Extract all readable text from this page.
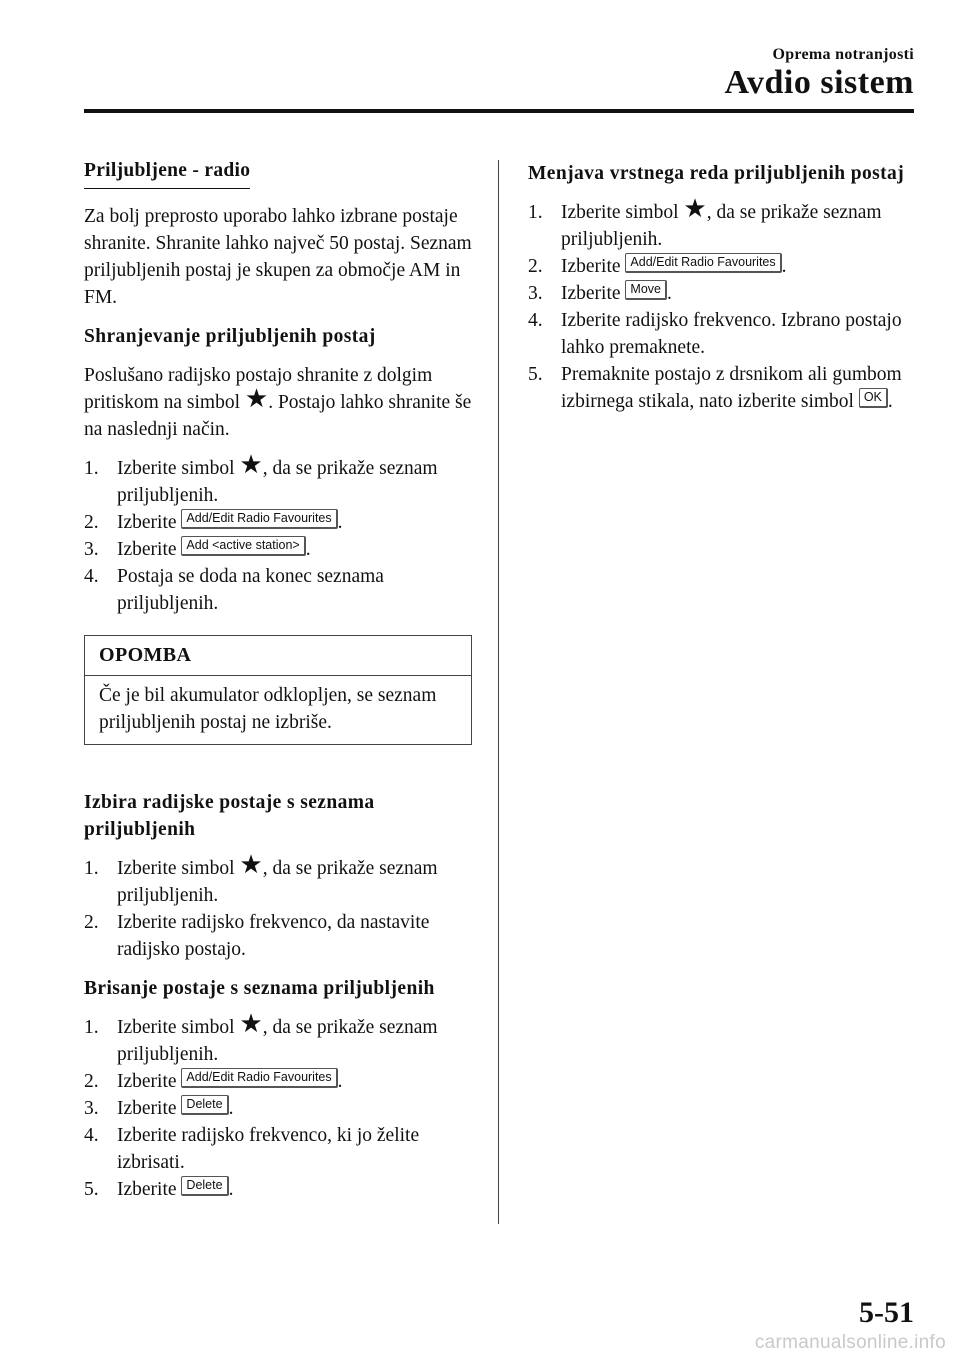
Oprema notranjosti
Avdio sistem
Priljubljene - radio

Za bolj preprosto uporabo lahko izbrane postaje shranite. Shranite lahko največ 50 postaj. Seznam priljubljenih postaj je skupen za območje AM in FM.

Shranjevanje priljubljenih postaj

Poslušano radijsko postajo shranite z dolgim pritiskom na simbol ★. Postajo lahko shranite še na naslednji način.

1. Izberite simbol ★, da se prikaže seznam priljubljenih.
2. Izberite Add/Edit Radio Favourites .
3. Izberite Add <active station> .
4. Postaja se doda na konec seznama priljubljenih.
OPOMBA
Če je bil akumulator odklopljen, se seznam priljubljenih postaj ne izbriše.
Izbira radijske postaje s seznama priljubljenih
1. Izberite simbol ★, da se prikaže seznam priljubljenih.
2. Izberite radijsko frekvenco, da nastavite radijsko postajo.
Brisanje postaje s seznama priljubljenih
1. Izberite simbol ★, da se prikaže seznam priljubljenih.
2. Izberite Add/Edit Radio Favourites .
3. Izberite Delete .
4. Izberite radijsko frekvenco, ki jo želite izbrisati.
5. Izberite Delete .
Menjava vrstnega reda priljubljenih postaj
1. Izberite simbol ★, da se prikaže seznam priljubljenih.
2. Izberite Add/Edit Radio Favourites .
3. Izberite Move .
4. Izberite radijsko frekvenco. Izbrano postajo lahko premaknete.
5. Premaknite postajo z drsnikom ali gumbom izbirnega stikala, nato izberite simbol OK .
5-51
carmanualsonline.info
